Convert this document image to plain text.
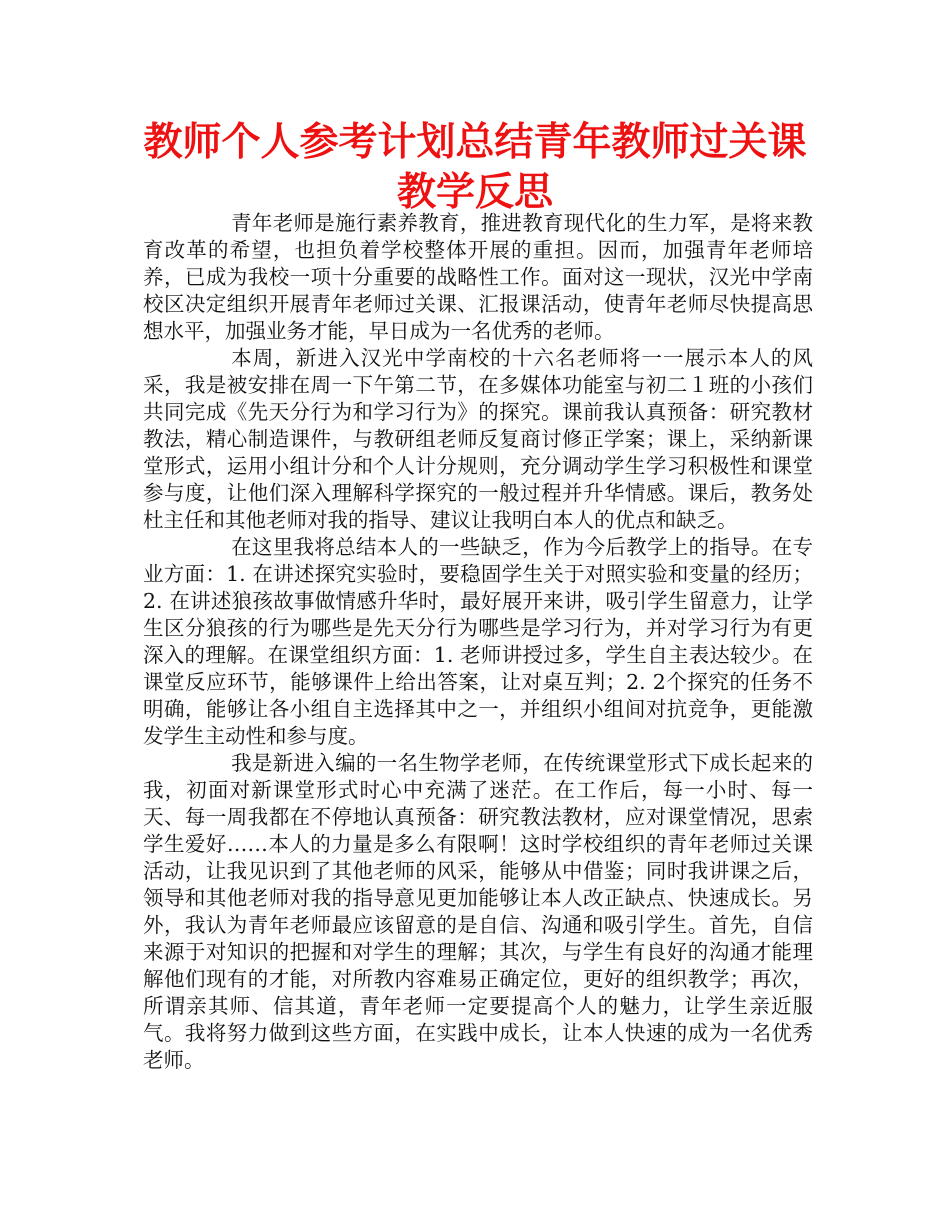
教师个人参考计划总结青年教师过关课教学反思

青年老师是施行素养教育，推进教育现代化的生力军，是将来教育改革的希望，也担负着学校整体开展的重担。因而，加强青年老师培养，已成为我校一项十分重要的战略性工作。面对这一现状，汉光中学南校区决定组织开展青年老师过关课、汇报课活动，使青年老师尽快提高思想水平，加强业务才能，早日成为一名优秀的老师。

本周，新进入汉光中学南校的十六名老师将一一展示本人的风采，我是被安排在周一下午第二节，在多媒体功能室与初二１班的小孩们共同完成《先天分行为和学习行为》的探究。课前我认真预备：研究教材教法，精心制造课件，与教研组老师反复商讨修正学案；课上，采纳新课堂形式，运用小组计分和个人计分规则，充分调动学生学习积极性和课堂参与度，让他们深入理解科学探究的一般过程并升华情感。课后，教务处杜主任和其他老师对我的指导、建议让我明白本人的优点和缺乏。

在这里我将总结本人的一些缺乏，作为今后教学上的指导。在专业方面：1. 在讲述探究实验时，要稳固学生关于对照实验和变量的经历；2. 在讲述狼孩故事做情感升华时，最好展开来讲，吸引学生留意力，让学生区分狼孩的行为哪些是先天分行为哪些是学习行为，并对学习行为有更深入的理解。在课堂组织方面：1. 老师讲授过多，学生自主表达较少。在课堂反应环节，能够课件上给出答案，让对桌互判；2. 2个探究的任务不明确，能够让各小组自主选择其中之一，并组织小组间对抗竞争，更能激发学生主动性和参与度。

我是新进入编的一名生物学老师，在传统课堂形式下成长起来的我，初面对新课堂形式时心中充满了迷茫。在工作后，每一小时、每一天、每一周我都在不停地认真预备：研究教法教材，应对课堂情况，思索学生爱好……本人的力量是多么有限啊！这时学校组织的青年老师过关课活动，让我见识到了其他老师的风采，能够从中借鉴；同时我讲课之后，领导和其他老师对我的指导意见更加能够让本人改正缺点、快速成长。另外，我认为青年老师最应该留意的是自信、沟通和吸引学生。首先，自信来源于对知识的把握和对学生的理解；其次，与学生有良好的沟通才能理解他们现有的才能，对所教内容难易正确定位，更好的组织教学；再次，所谓亲其师、信其道，青年老师一定要提高个人的魅力，让学生亲近服气。我将努力做到这些方面，在实践中成长，让本人快速的成为一名优秀老师。
